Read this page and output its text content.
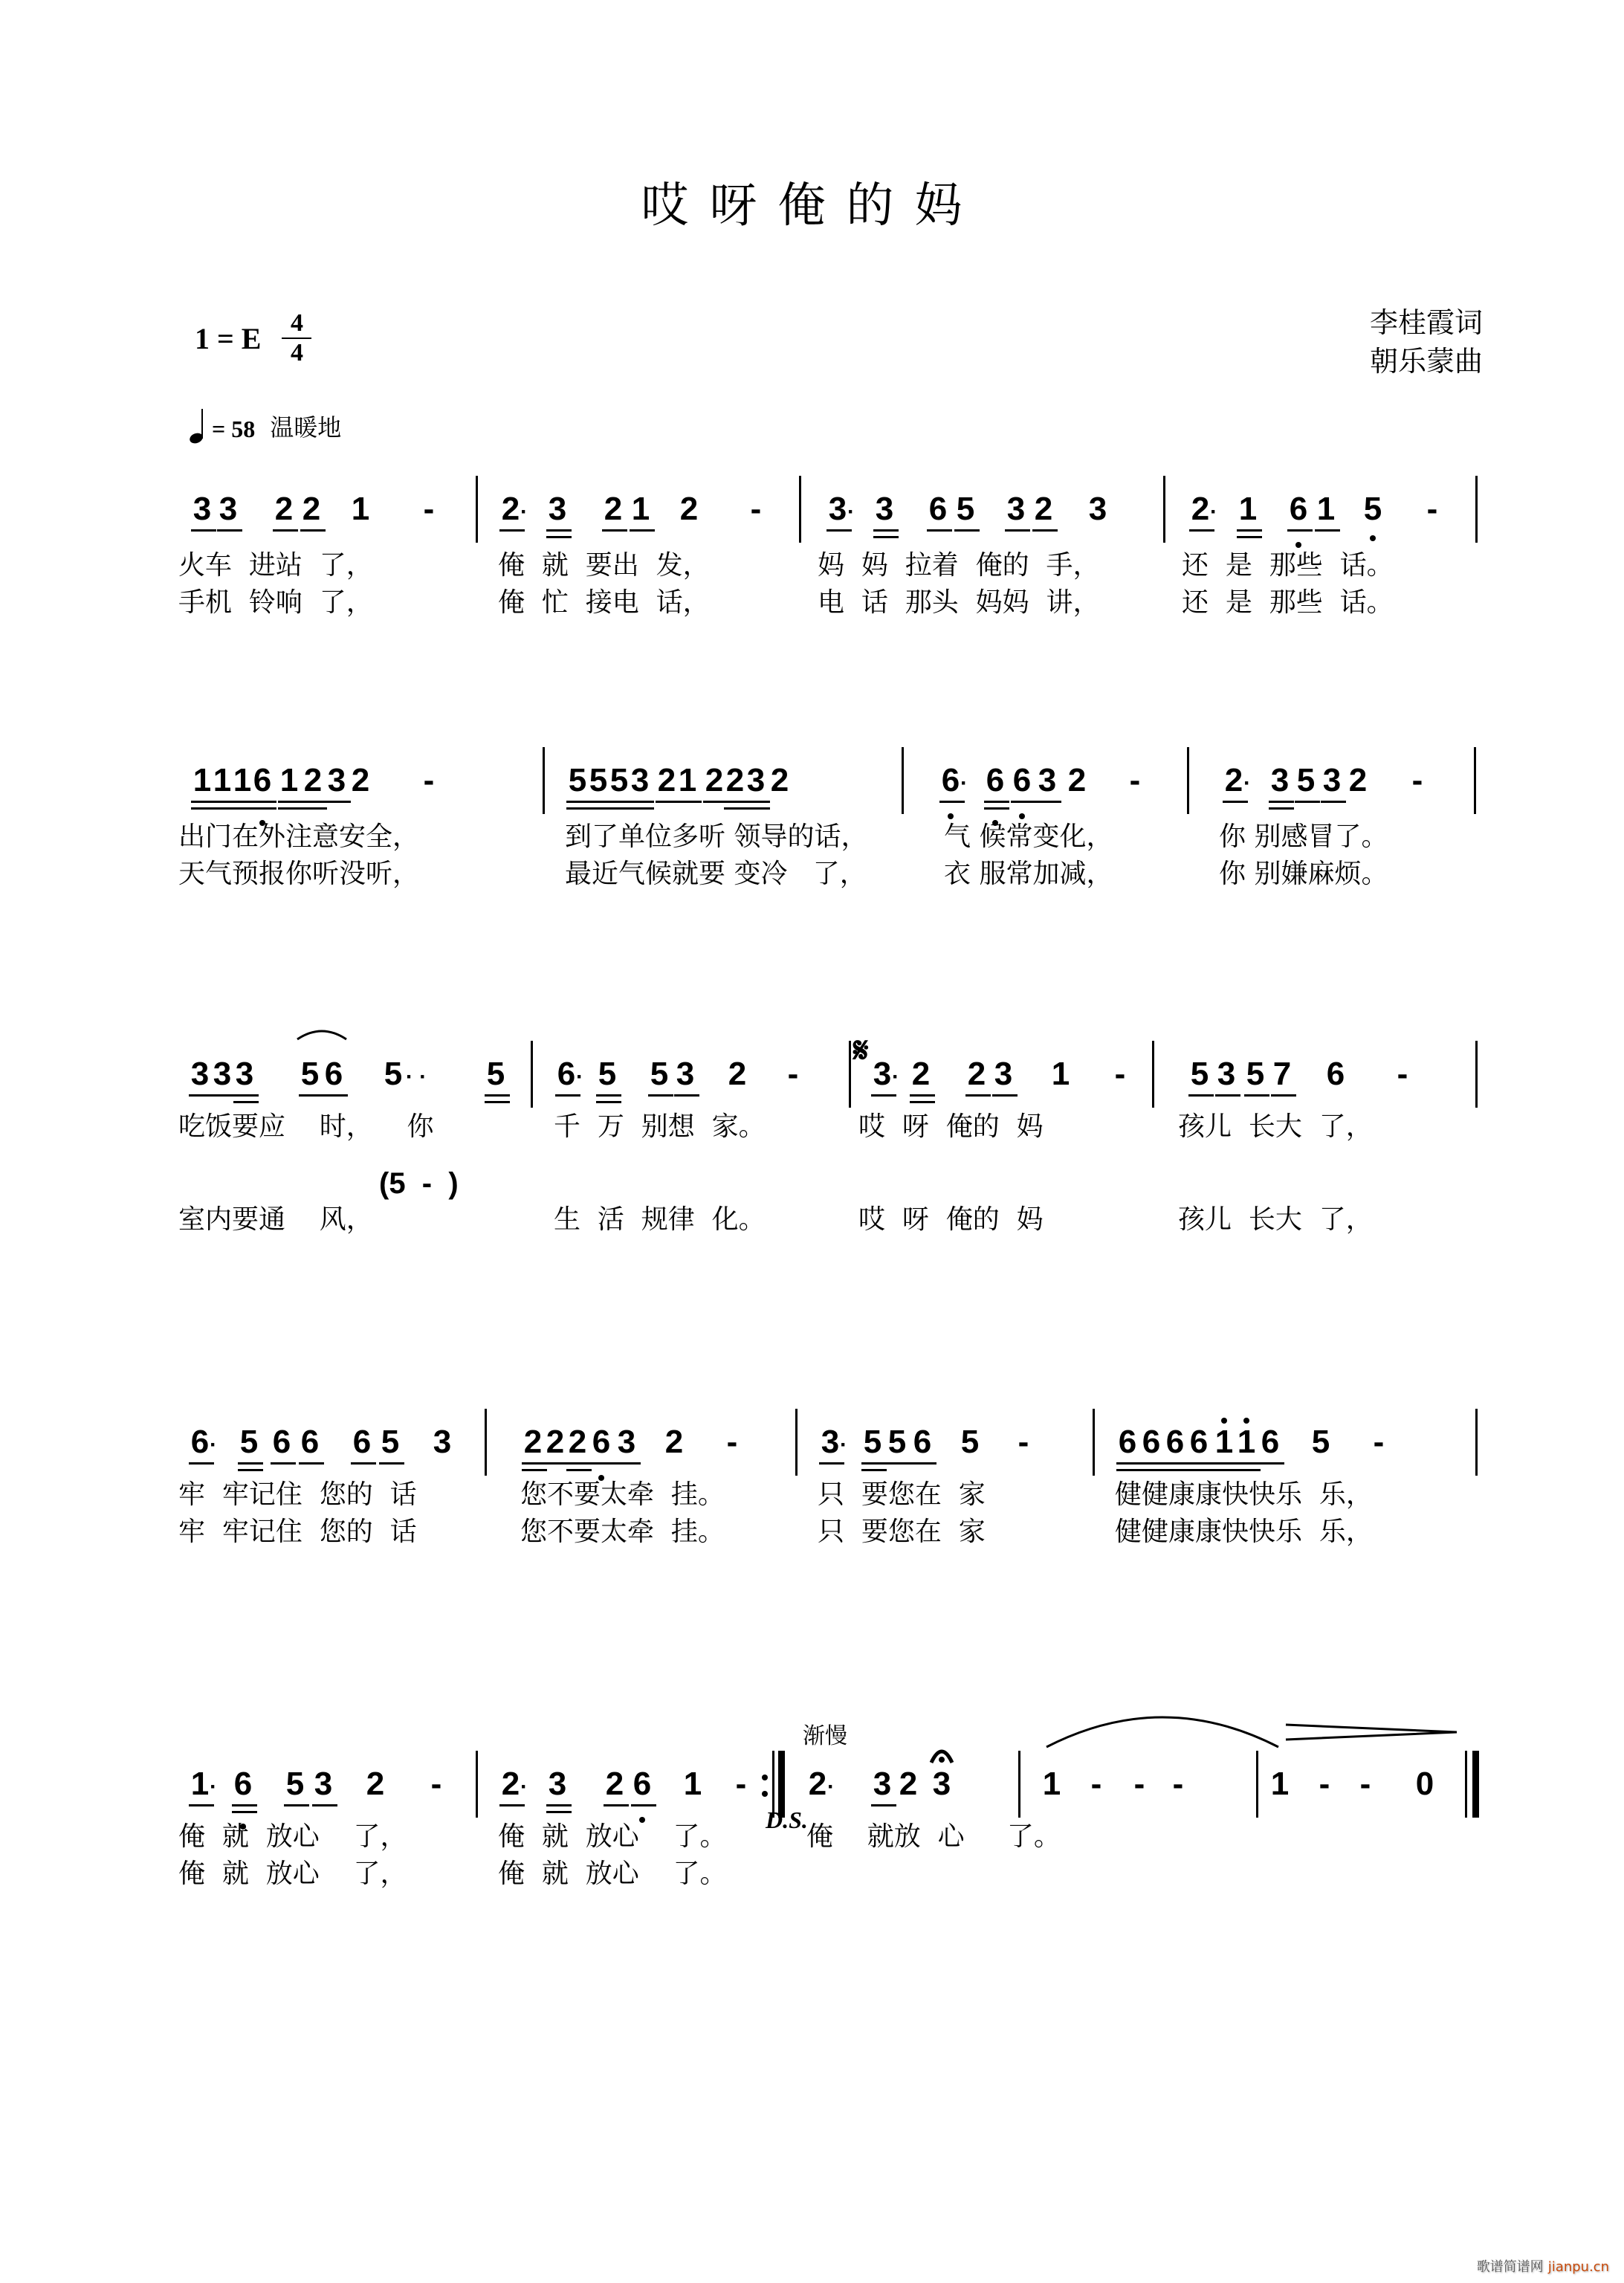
哎呀俺的妈
1 = E 4
4
李桂霞词
朝乐蒙曲
= 58 温暖地
3 3 2 2 1 - 2 · 3 2 1 2 - 3 · 3 6 5 3 2 3	2 · 1 6 1 5 -
火车  进站  了，	俺  就  要出  发，	妈  妈  拉着  俺的  手，	还  是  那些  话。
手机  铃响  了，	俺  忙  接电  话，	电  话  那头  妈妈  讲，	还  是  那些  话。
1 1 1 6 1 2 3 2 -	5 5 5 3 2 1 2 2 3 2	6 · 6 6 3 2 -	2 · 3 5 3 2 -
出门在外注意安全，	到了单位多听 领导的话，	气 候常变化，	你 别感冒了。
天气预报你听没听，	最近气候就要 变冷   了，	衣 服常加减，	你 别嫌麻烦。
3 3 3 5 6 5 · · 5 6 · 5 5 3 2 - 3 · 2 2 3 1 - 5 3 5 7 6 -
𝄋
(5  -  )
吃饭要应    时，    你	千  万  别想  家。	哎  呀  俺的  妈	孩儿  长大  了，
室内要通    风，	生  活  规律  化。	哎  呀  俺的  妈	孩儿  长大  了，
6 · 5 6 6 6 5 3 2 2 2 6 3 2 -	3 · 5 5 6 5 -	6 6 6 6 1 1 6 5 -
牢  牢记住  您的  话	您不要太牵  挂。	只  要您在  家	健健康康快快乐  乐，
牢  牢记住  您的  话	您不要太牵  挂。	只  要您在  家	健健康康快快乐  乐，
1 · 6 5 3 2 - 2 · 3 2 6 1 - 2 · 3 2 3	1 - - -	1 - - 0
渐慢
D.S.
俺  就  放心    了，	俺  就  放心    了。	俺    就放  心     了。
俺  就  放心    了，	俺  就  放心    了。
歌谱简谱网 jianpu.cn
